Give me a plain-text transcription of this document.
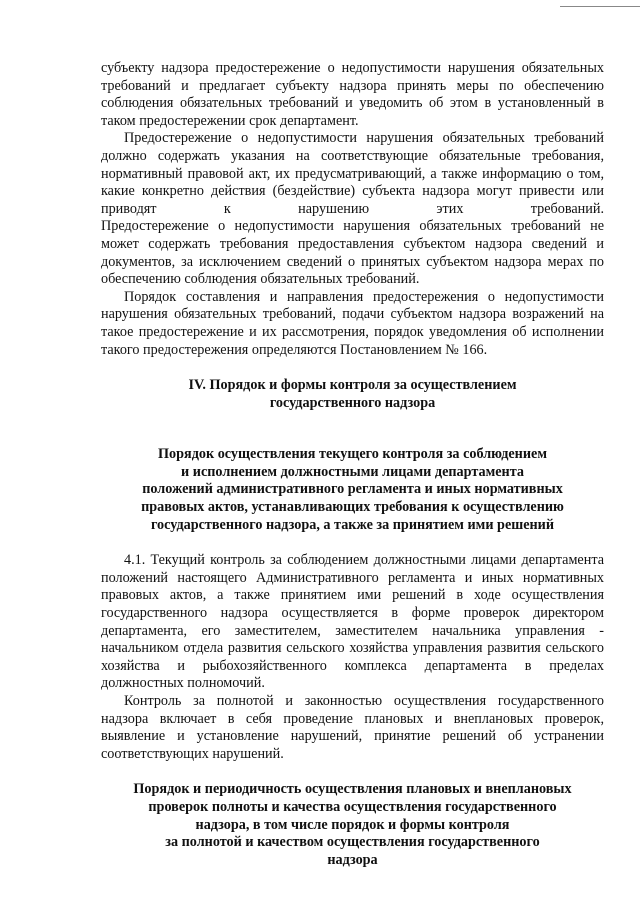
субъекту надзора предостережение о недопустимости нарушения обязательных требований и предлагает субъекту надзора принять меры по обеспечению соблюдения обязательных требований и уведомить об этом в установленный в таком предостережении срок департамент.

Предостережение о недопустимости нарушения обязательных требований должно содержать указания на соответствующие обязательные требования, нормативный правовой акт, их предусматривающий, а также информацию о том, какие конкретно действия (бездействие) субъекта надзора могут привести или приводят к нарушению этих требований.

Предостережение о недопустимости нарушения обязательных требований не может содержать требования предоставления субъектом надзора сведений и документов, за исключением сведений о принятых субъектом надзора мерах по обеспечению соблюдения обязательных требований.

Порядок составления и направления предостережения о недопустимости нарушения обязательных требований, подачи субъектом надзора возражений на такое предостережение и их рассмотрения, порядок уведомления об исполнении такого предостережения определяются Постановлением № 166.

IV. Порядок и формы контроля за осуществлением
государственного надзора
Порядок осуществления текущего контроля за соблюдением
и исполнением должностными лицами департамента
положений административного регламента и иных нормативных
правовых актов, устанавливающих требования к осуществлению
государственного надзора, а также за принятием ими решений

4.1. Текущий контроль за соблюдением должностными лицами департамента положений настоящего Административного регламента и иных нормативных правовых актов, а также принятием ими решений в ходе осуществления государственного надзора осуществляется в форме проверок директором департамента, его заместителем, заместителем начальника управления - начальником отдела развития сельского хозяйства управления развития сельского хозяйства и рыбохозяйственного комплекса департамента в пределах должностных полномочий.

Контроль за полнотой и законностью осуществления государственного надзора включает в себя проведение плановых и внеплановых проверок, выявление и установление нарушений, принятие решений об устранении соответствующих нарушений.

Порядок и периодичность осуществления плановых и внеплановых
проверок полноты и качества осуществления государственного
надзора, в том числе порядок и формы контроля
за полнотой и качеством осуществления государственного
надзора
